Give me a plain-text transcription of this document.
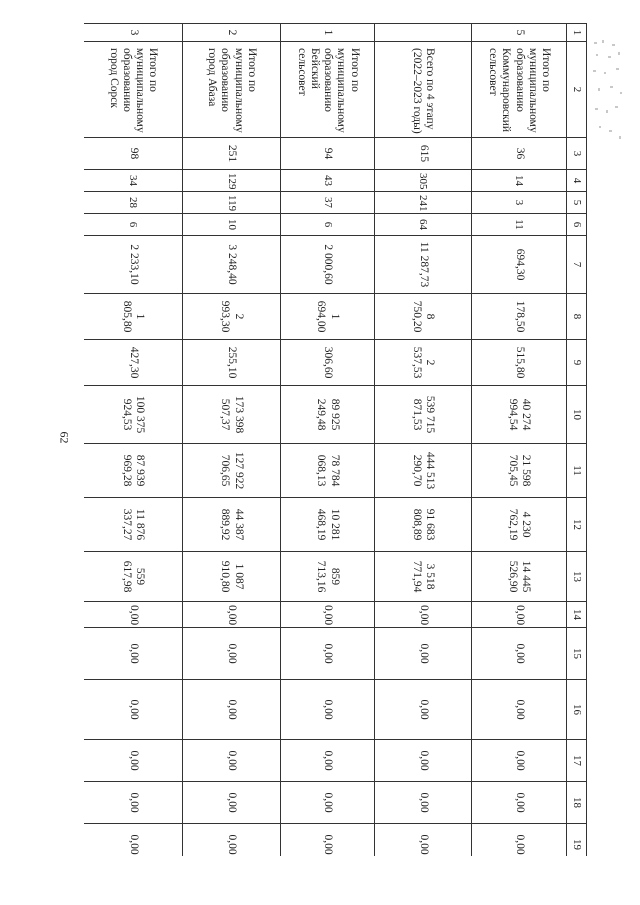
62
1	2	3	4	5	6	7	8	9	10	11	12	13	14	15	16	17	18	19
5	Итого по муниципальному образованию Коммунаровский сельсовет	36	14	3	11	694,30	178,50	515,80	40 274 994,54	21 598 705,45	4 230 762,19	14 445 526,90	0,00	0,00	0,00	0,00	0,00	0,00
	Всего по 4 этапу (2022–2023 годы)	615	305	241	64	11 287,73	8 750,20	2 537,53	539 715 871,53	444 513 290,70	91 683 808,89	3 518 771,94	0,00	0,00	0,00	0,00	0,00	0,00
1	Итого по муниципальному образованию Бейский сельсовет	94	43	37	6	2 000,60	1 694,00	306,60	89 925 249,48	78 784 068,13	10 281 468,19	859 713,16	0,00	0,00	0,00	0,00	0,00	0,00
2	Итого по муниципальному образованию город Абаза	251	129	119	10	3 248,40	2 993,30	255,10	173 398 507,37	127 922 706,65	44 387 889,92	1 087 910,80	0,00	0,00	0,00	0,00	0,00	0,00
3	Итого по муниципальному образованию город Сорск	98	34	28	6	2 233,10	1 805,80	427,30	100 375 924,53	87 939 969,28	11 876 337,27	559 617,98	0,00	0,00	0,00	0,00	0,00	0,00
